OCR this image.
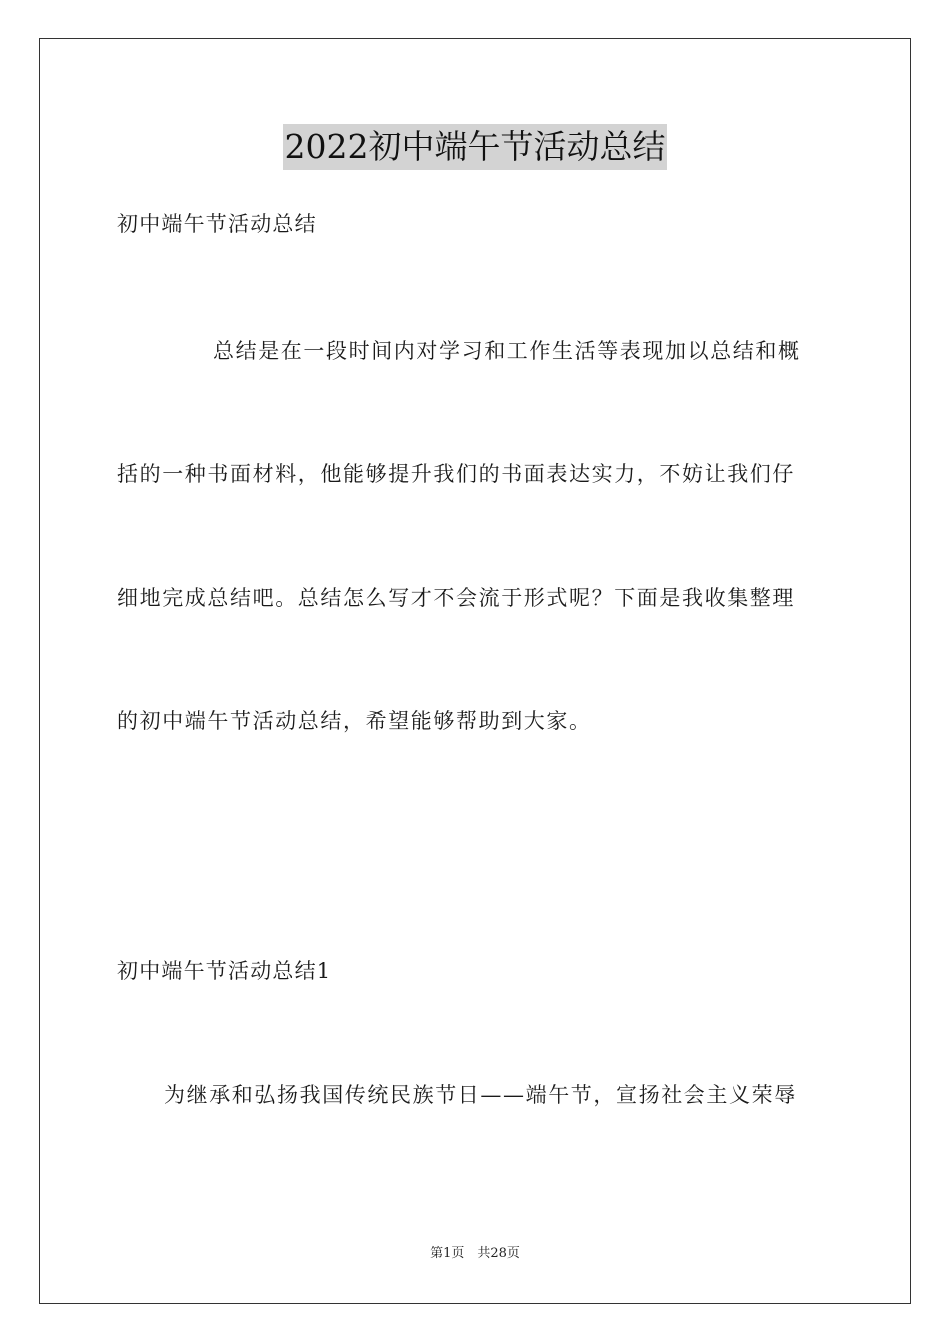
2022初中端午节活动总结
初中端午节活动总结
总结是在一段时间内对学习和工作生活等表现加以总结和概
括的一种书面材料，他能够提升我们的书面表达实力，不妨让我们仔
细地完成总结吧。总结怎么写才不会流于形式呢？下面是我收集整理
的初中端午节活动总结，希望能够帮助到大家。
初中端午节活动总结1
为继承和弘扬我国传统民族节日——端午节，宣扬社会主义荣辱
第1页　共28页
